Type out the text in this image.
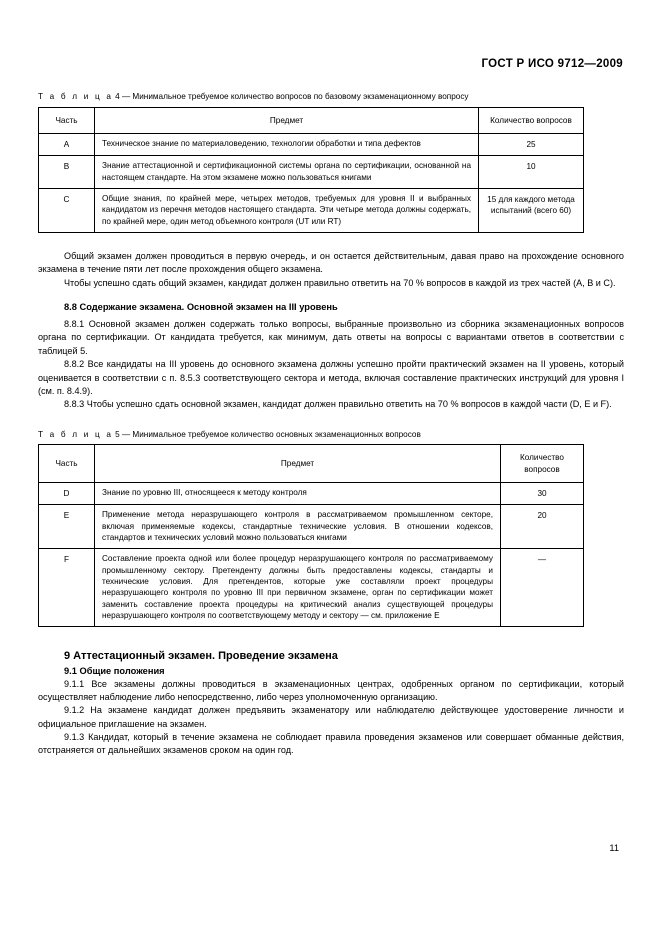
ГОСТ Р ИСО 9712—2009
Т а б л и ц а 4 — Минимальное требуемое количество вопросов по базовому экзаменационному вопросу
Часть	Предмет	Количество вопросов
A	Техническое знание по материаловедению, технологии обработки и типа дефектов	25
B	Знание аттестационной и сертификационной системы органа по сертификации, основанной на настоящем стандарте. На этом экзамене можно пользоваться книгами	10
C	Общие знания, по крайней мере, четырех методов, требуемых для уровня II и выбранных кандидатом из перечня методов настоящего стандарта. Эти четыре метода должны содержать, по крайней мере, один метод объемного контроля (UT или RT)	15 для каждого метода испытаний (всего 60)

Общий экзамен должен проводиться в первую очередь, и он остается действительным, давая право на прохождение основного экзамена в течение пяти лет после прохождения общего экзамена.

Чтобы успешно сдать общий экзамен, кандидат должен правильно ответить на 70 % вопросов в каждой из трех частей (А, В и С).

8.8 Содержание экзамена. Основной экзамен на III уровень

8.8.1 Основной экзамен должен содержать только вопросы, выбранные произвольно из сборника экзаменационных вопросов органа по сертификации. От кандидата требуется, как минимум, дать ответы на вопросы с вариантами ответов в соответствии с таблицей 5.

8.8.2 Все кандидаты на III уровень до основного экзамена должны успешно пройти практический экзамен на II уровень, который оценивается в соответствии с п. 8.5.3 соответствующего сектора и метода, включая составление практических инструкций для уровня I (см. п. 8.4.9).

8.8.3 Чтобы успешно сдать основной экзамен, кандидат должен правильно ответить на 70 % вопросов в каждой части (D, E и F).

Т а б л и ц а 5 — Минимальное требуемое количество основных экзаменационных вопросов
Часть	Предмет	Количество вопросов
D	Знание по уровню III, относящееся к методу контроля	30
E	Применение метода неразрушающего контроля в рассматриваемом промышленном секторе, включая применяемые кодексы, стандартные технические условия. В отношении кодексов, стандартов и технических условий можно пользоваться книгами	20
F	Составление проекта одной или более процедур неразрушающего контроля по рассматриваемому промышленному сектору. Претенденту должны быть предоставлены кодексы, стандарты и технические условия. Для претендентов, которые уже составляли проект процедуры неразрушающего контроля по уровню III при первичном экзамене, орган по сертификации может заменить составление проекта процедуры на критический анализ существующей процедуры неразрушающего контроля по соответствующему методу и сектору — см. приложение Е	—
9 Аттестационный экзамен. Проведение экзамена
9.1 Общие положения

9.1.1 Все экзамены должны проводиться в экзаменационных центрах, одобренных органом по сертификации, который осуществляет наблюдение либо непосредственно, либо через уполномоченную организацию.

9.1.2 На экзамене кандидат должен предъявить экзаменатору или наблюдателю действующее удостоверение личности и официальное приглашение на экзамен.

9.1.3 Кандидат, который в течение экзамена не соблюдает правила проведения экзаменов или совершает обманные действия, отстраняется от дальнейших экзаменов сроком на один год.

11
